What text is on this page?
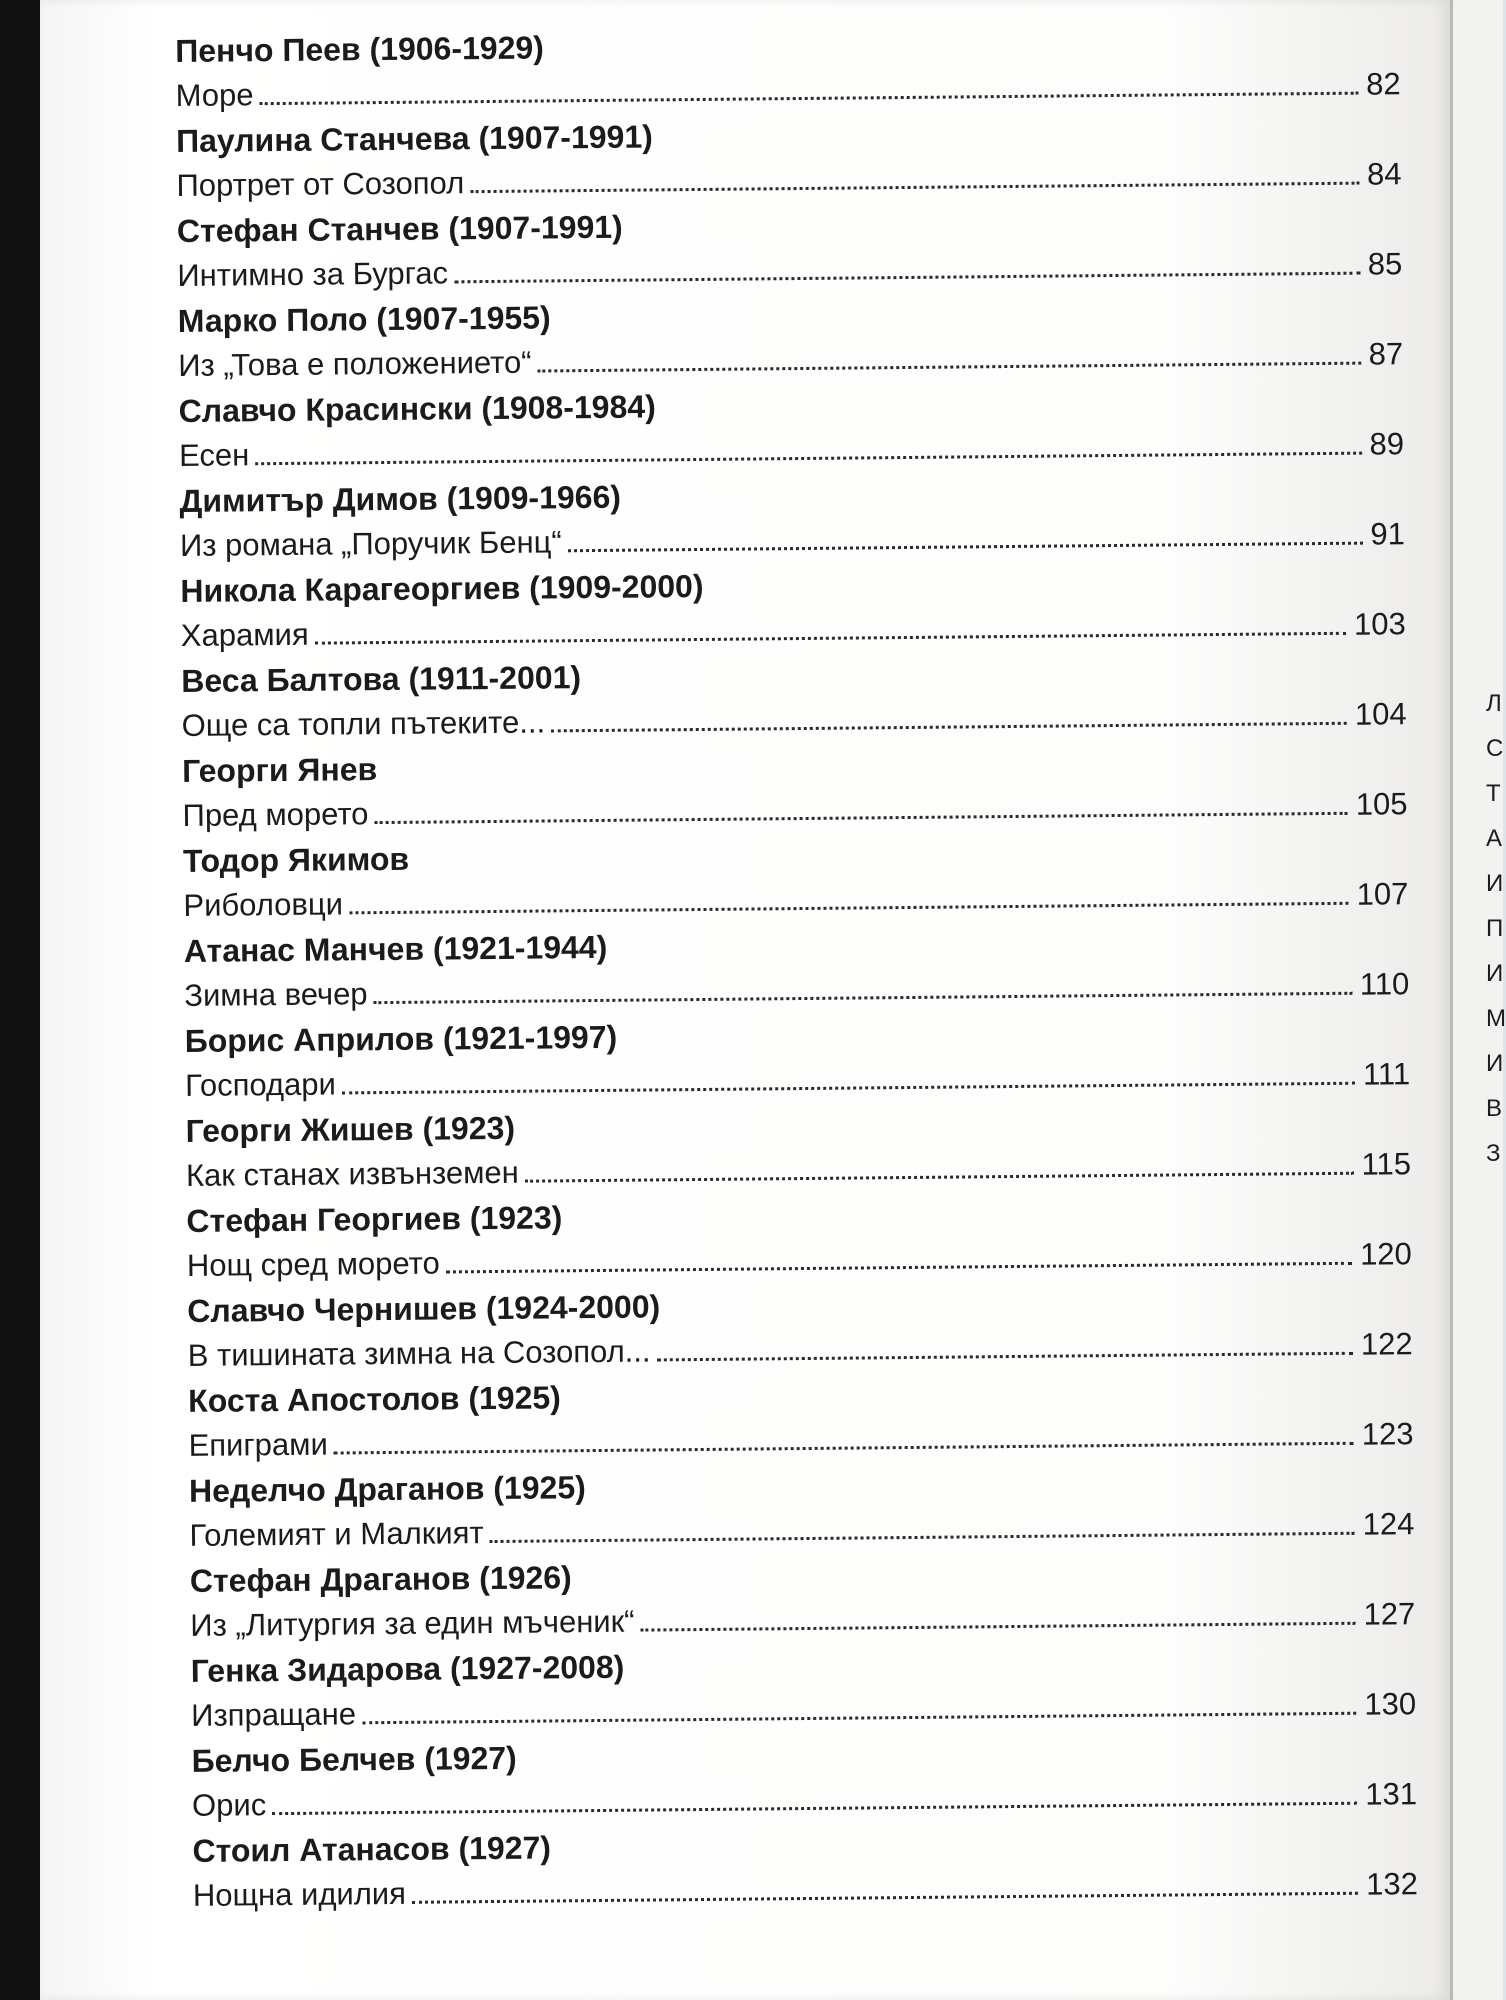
Л
С
Т
А
И
П
И
М
И
В
З
Пенчо Пеев (1906-1929)
Море	82
Паулина Станчева (1907-1991)
Портрет от Созопол	84
Стефан Станчев (1907-1991)
Интимно за Бургас	85
Марко Поло (1907-1955)
Из „Това е положението“	87
Славчо Красински (1908-1984)
Есен	89
Димитър Димов (1909-1966)
Из романа „Поручик Бенц“	91
Никола Карагеоргиев (1909-2000)
Харамия	103
Веса Балтова (1911-2001)
Още са топли пътеките...	104
Георги Янев
Пред морето	105
Тодор Якимов
Риболовци	107
Атанас Манчев (1921-1944)
Зимна вечер	110
Борис Априлов (1921-1997)
Господари	111
Георги Жишев (1923)
Как станах извънземен	115
Стефан Георгиев (1923)
Нощ сред морето	120
Славчо Чернишев (1924-2000)
В тишината зимна на Созопол...	122
Коста Апостолов (1925)
Епиграми	123
Неделчо Драганов (1925)
Големият и Малкият	124
Стефан Драганов (1926)
Из „Литургия за един мъченик“	127
Генка Зидарова (1927-2008)
Изпращане	130
Белчо Белчев (1927)
Орис	131
Стоил Атанасов (1927)
Нощна идилия	132
